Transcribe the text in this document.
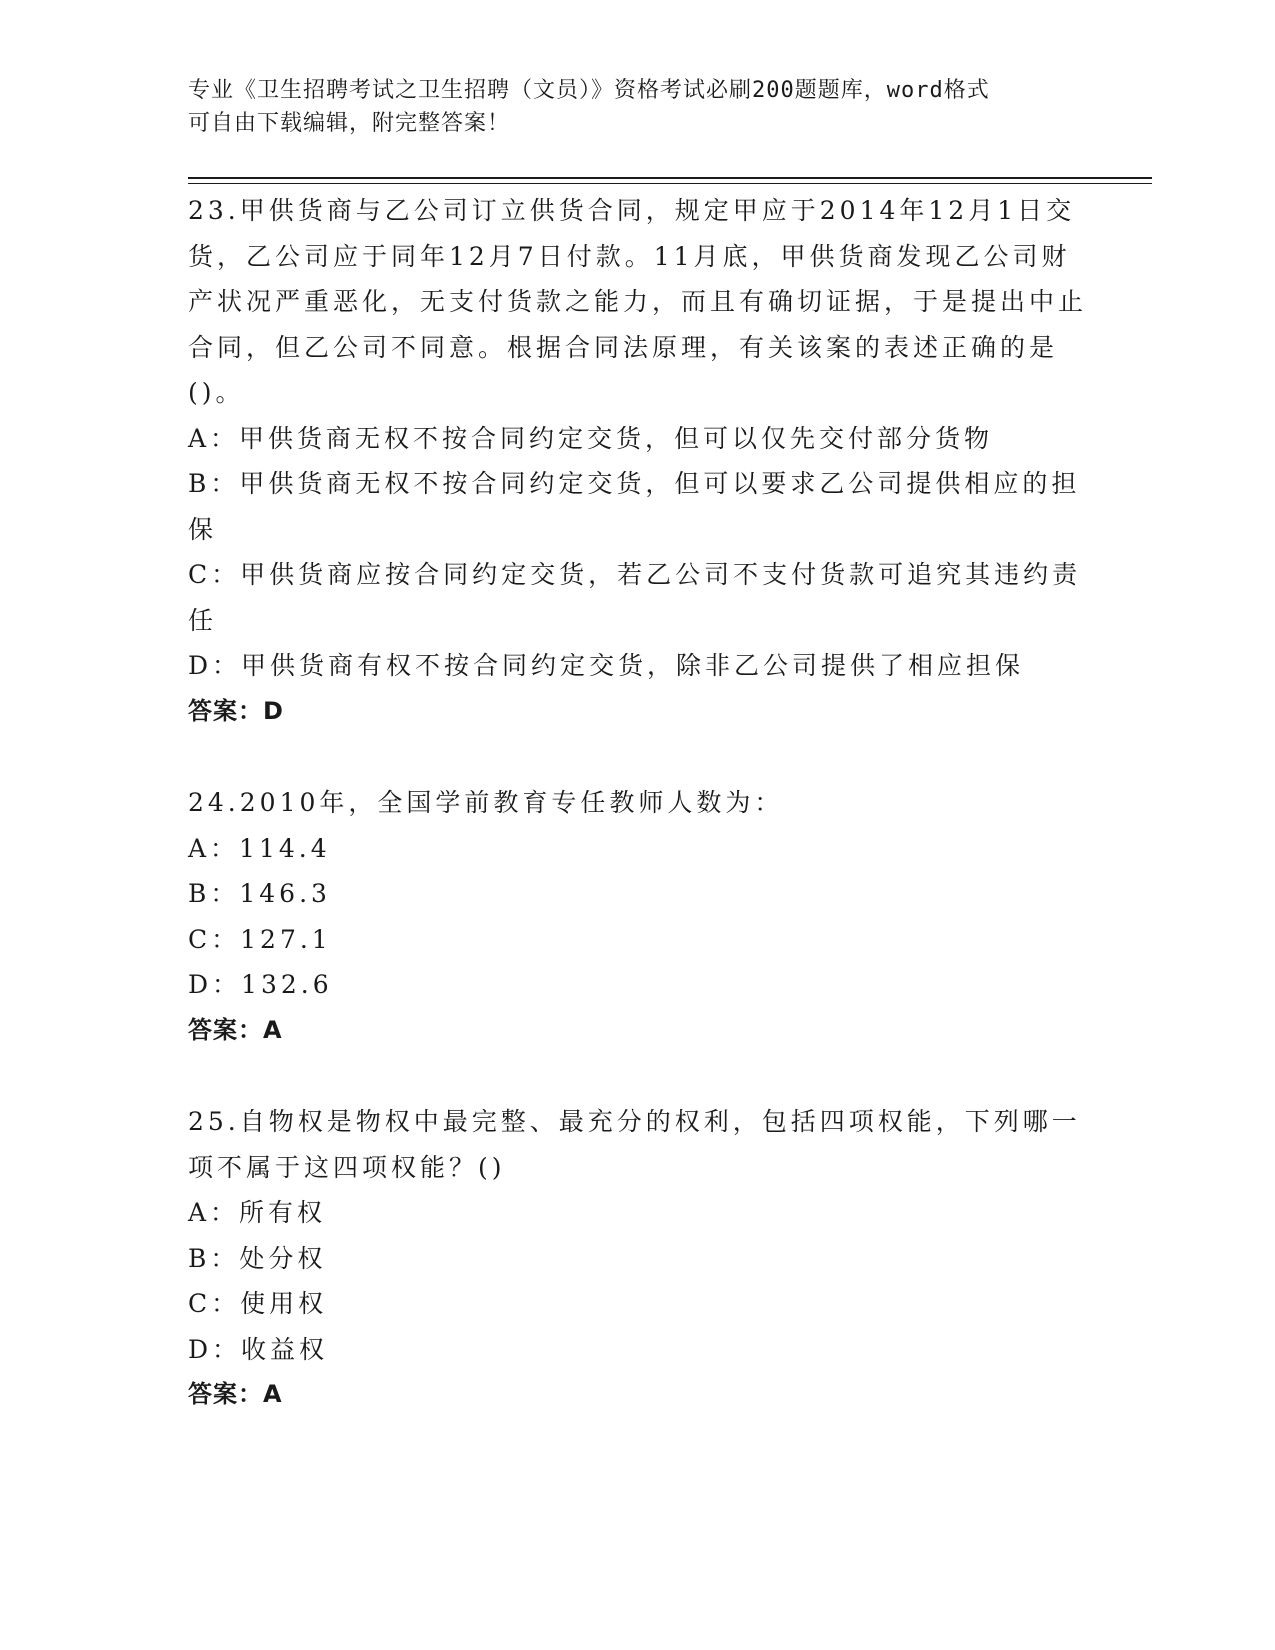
专业《卫生招聘考试之卫生招聘（文员）》资格考试必刷200题题库，word格式
可自由下载编辑，附完整答案！

23.甲供货商与乙公司订立供货合同，规定甲应于2014年12月1日交货，乙公司应于同年12月7日付款。11月底，甲供货商发现乙公司财产状况严重恶化，无支付货款之能力，而且有确切证据，于是提出中止合同，但乙公司不同意。根据合同法原理，有关该案的表述正确的是()。

A：甲供货商无权不按合同约定交货，但可以仅先交付部分货物

B：甲供货商无权不按合同约定交货，但可以要求乙公司提供相应的担保

C：甲供货商应按合同约定交货，若乙公司不支付货款可追究其违约责任

D：甲供货商有权不按合同约定交货，除非乙公司提供了相应担保

答案：D

24.2010年，全国学前教育专任教师人数为：

A：114.4

B：146.3

C：127.1

D：132.6

答案：A

25.自物权是物权中最完整、最充分的权利，包括四项权能，下列哪一项不属于这四项权能？()

A：所有权

B：处分权

C：使用权

D：收益权

答案：A
